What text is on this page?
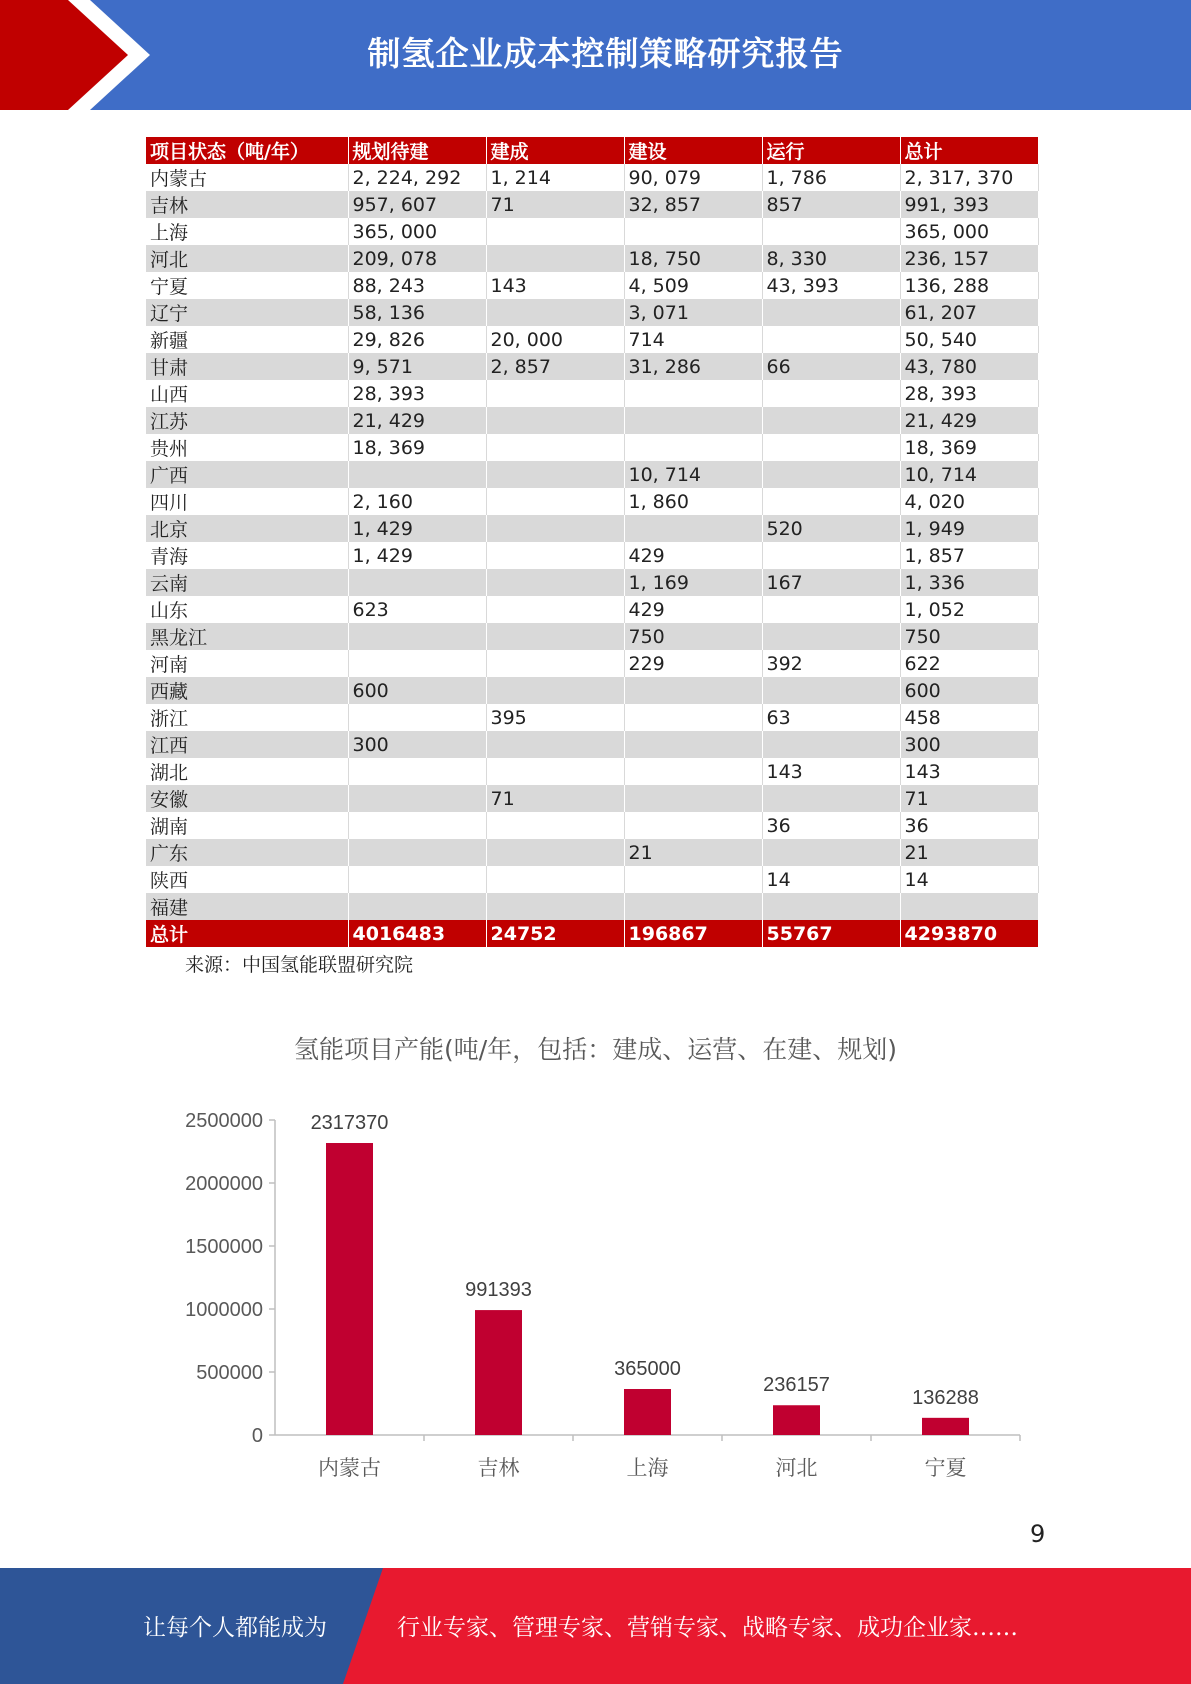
制氢企业成本控制策略研究报告
项目状态（吨/年）	规划待建	建成	建设	运行	总计
内蒙古	2, 224, 292	1, 214	90, 079	1, 786	2, 317, 370
吉林	957, 607	71	32, 857	857	991, 393
上海	365, 000				365, 000
河北	209, 078		18, 750	8, 330	236, 157
宁夏	88, 243	143	4, 509	43, 393	136, 288
辽宁	58, 136		3, 071		61, 207
新疆	29, 826	20, 000	714		50, 540
甘肃	9, 571	2, 857	31, 286	66	43, 780
山西	28, 393				28, 393
江苏	21, 429				21, 429
贵州	18, 369				18, 369
广西			10, 714		10, 714
四川	2, 160		1, 860		4, 020
北京	1, 429			520	1, 949
青海	1, 429		429		1, 857
云南			1, 169	167	1, 336
山东	623		429		1, 052
黑龙江			750		750
河南			229	392	622
西藏	600				600
浙江		395		63	458
江西	300				300
湖北				143	143
安徽		71			71
湖南				36	36
广东			21		21
陕西				14	14
福建					
总计	4016483	24752	196867	55767	4293870
来源：中国氢能联盟研究院
氢能项目产能(吨/年，包括：建成、运营、在建、规划)
0
500000
1000000
1500000
2000000
2500000 2317370
内蒙古
991393
吉林
365000
上海
236157
河北
136288
宁夏
9
让每个人都能成为	行业专家、管理专家、营销专家、战略专家、成功企业家……
